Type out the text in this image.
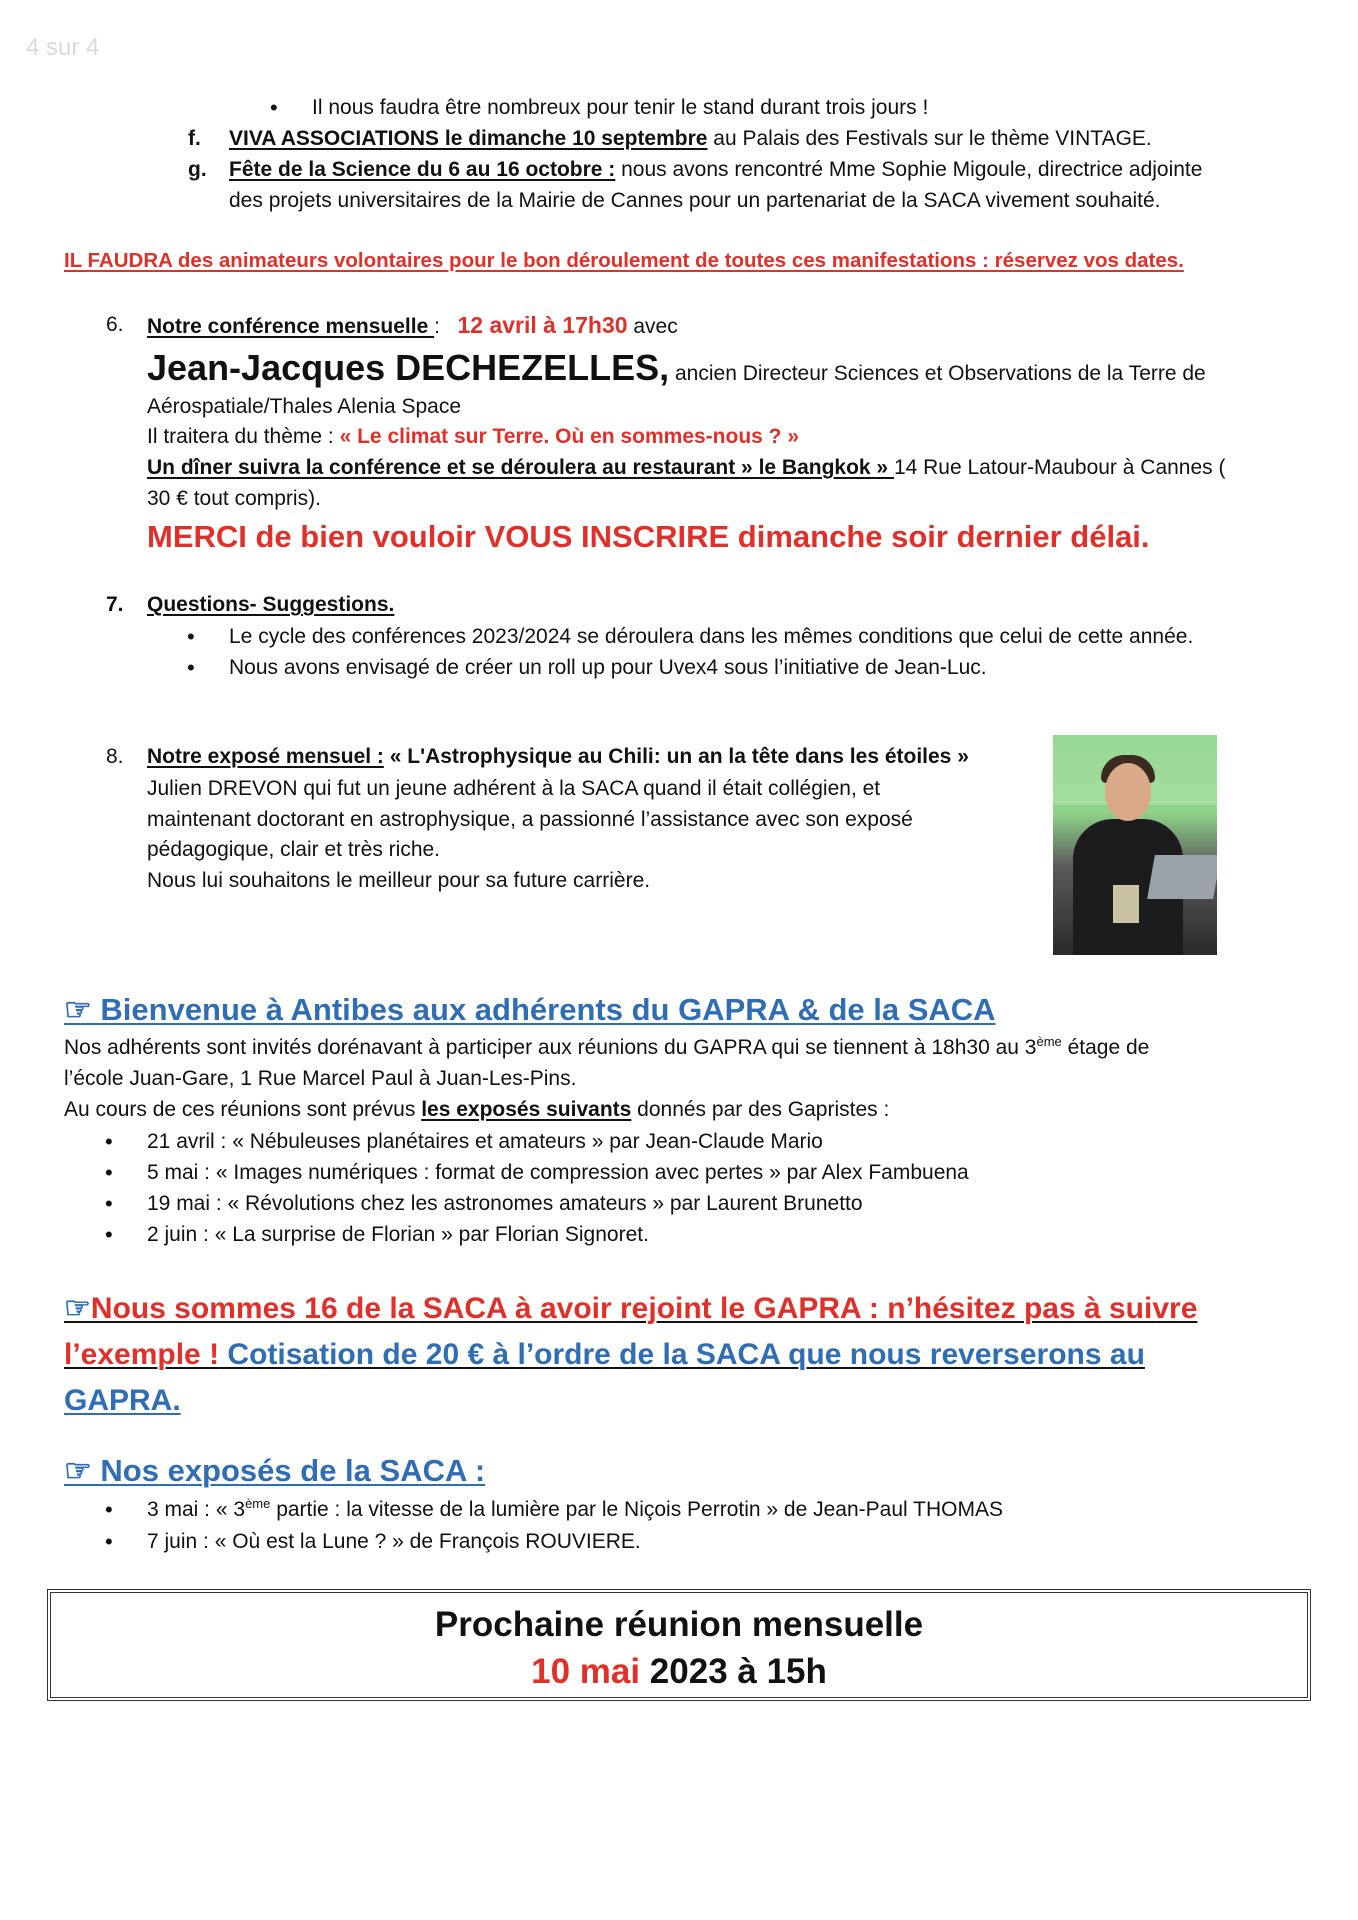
4 sur 4
• Il nous faudra être nombreux pour tenir le stand durant trois jours !
f. VIVA ASSOCIATIONS le dimanche 10 septembre au Palais des Festivals sur le thème VINTAGE.
g. Fête de la Science du 6 au 16 octobre : nous avons rencontré Mme Sophie Migoule, directrice adjointe
des projets universitaires de la Mairie de Cannes pour un partenariat de la SACA vivement souhaité.
IL FAUDRA des animateurs volontaires pour le bon déroulement de toutes ces manifestations : réservez vos dates.
6. Notre conférence mensuelle : 12 avril à 17h30 avec
Jean-Jacques DECHEZELLES, ancien Directeur Sciences et Observations de la Terre de
Aérospatiale/Thales Alenia Space
Il traitera du thème : « Le climat sur Terre. Où en sommes-nous ? »
Un dîner suivra la conférence et se déroulera au restaurant » le Bangkok » 14 Rue Latour-Maubour à Cannes (
30 € tout compris).
MERCI de bien vouloir VOUS INSCRIRE dimanche soir dernier délai.
7. Questions- Suggestions.
• Le cycle des conférences 2023/2024 se déroulera dans les mêmes conditions que celui de cette année.
• Nous avons envisagé de créer un roll up pour Uvex4 sous l’initiative de Jean-Luc.
8. Notre exposé mensuel : « L'Astrophysique au Chili: un an la tête dans les étoiles »
Julien DREVON qui fut un jeune adhérent à la SACA quand il était collégien, et
maintenant doctorant en astrophysique, a passionné l’assistance avec son exposé
pédagogique, clair et très riche.
Nous lui souhaitons le meilleur pour sa future carrière.
☞ Bienvenue à Antibes aux adhérents du GAPRA & de la SACA
Nos adhérents sont invités dorénavant à participer aux réunions du GAPRA qui se tiennent à 18h30 au 3ème étage de
l’école Juan-Gare, 1 Rue Marcel Paul à Juan-Les-Pins.
Au cours de ces réunions sont prévus les exposés suivants donnés par des Gapristes :
• 21 avril : « Nébuleuses planétaires et amateurs » par Jean-Claude Mario
• 5 mai : « Images numériques : format de compression avec pertes » par Alex Fambuena
• 19 mai : « Révolutions chez les astronomes amateurs » par Laurent Brunetto
• 2 juin : « La surprise de Florian » par Florian Signoret.
☞Nous sommes 16 de la SACA à avoir rejoint le GAPRA : n’hésitez pas à suivre
l’exemple ! Cotisation de 20 € à l’ordre de la SACA que nous reverserons au
GAPRA.
☞ Nos exposés de la SACA :
• 3 mai : « 3ème partie : la vitesse de la lumière par le Niçois Perrotin » de Jean-Paul THOMAS
• 7 juin : « Où est la Lune ? » de François ROUVIERE.
Prochaine réunion mensuelle
10 mai 2023 à 15h
